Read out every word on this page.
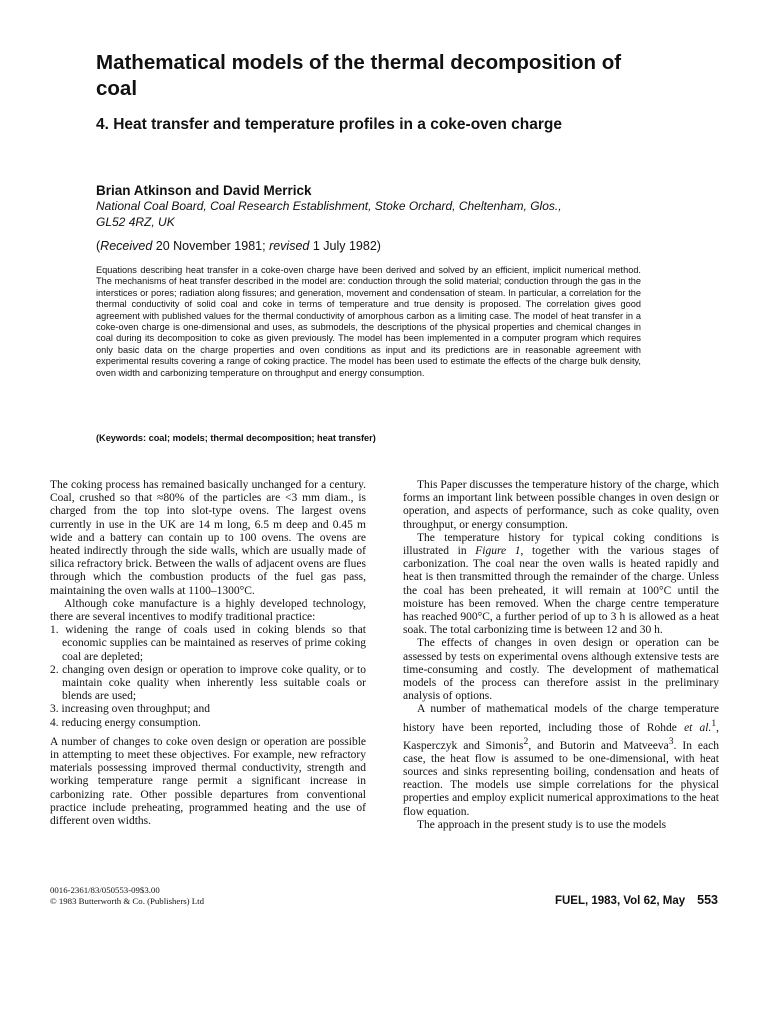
Mathematical models of the thermal decomposition of coal
4. Heat transfer and temperature profiles in a coke-oven charge
Brian Atkinson and David Merrick
National Coal Board, Coal Research Establishment, Stoke Orchard, Cheltenham, Glos.,
GL52 4RZ, UK
(Received 20 November 1981; revised 1 July 1982)

Equations describing heat transfer in a coke-oven charge have been derived and solved by an efficient, implicit numerical method. The mechanisms of heat transfer described in the model are: conduction through the solid material; conduction through the gas in the interstices or pores; radiation along fissures; and generation, movement and condensation of steam. In particular, a correlation for the thermal conductivity of solid coal and coke in terms of temperature and true density is proposed. The correlation gives good agreement with published values for the thermal conductivity of amorphous carbon as a limiting case. The model of heat transfer in a coke-oven charge is one-dimensional and uses, as submodels, the descriptions of the physical properties and chemical changes in coal during its decomposition to coke as given previously. The model has been implemented in a computer program which requires only basic data on the charge properties and oven conditions as input and its predictions are in reasonable agreement with experimental results covering a range of coking practice. The model has been used to estimate the effects of the charge bulk density, oven width and carbonizing temperature on throughput and energy consumption.

(Keywords: coal; models; thermal decomposition; heat transfer)

The coking process has remained basically unchanged for a century. Coal, crushed so that ≈80% of the particles are <3 mm diam., is charged from the top into slot-type ovens. The largest ovens currently in use in the UK are 14 m long, 6.5 m deep and 0.45 m wide and a battery can contain up to 100 ovens. The ovens are heated indirectly through the side walls, which are usually made of silica refractory brick. Between the walls of adjacent ovens are flues through which the combustion products of the fuel gas pass, maintaining the oven walls at 1100–1300°C.

Although coke manufacture is a highly developed technology, there are several incentives to modify traditional practice:

1. widening the range of coals used in coking blends so that economic supplies can be maintained as reserves of prime coking coal are depleted;
2. changing oven design or operation to improve coke quality, or to maintain coke quality when inherently less suitable coals or blends are used;
3. increasing oven throughput; and
4. reducing energy consumption.

A number of changes to coke oven design or operation are possible in attempting to meet these objectives. For example, new refractory materials possessing improved thermal conductivity, strength and working temperature range permit a significant increase in carbonizing rate. Other possible departures from conventional practice include preheating, programmed heating and the use of different oven widths.

This Paper discusses the temperature history of the charge, which forms an important link between possible changes in oven design or operation, and aspects of performance, such as coke quality, oven throughput, or energy consumption.

The temperature history for typical coking conditions is illustrated in Figure 1, together with the various stages of carbonization. The coal near the oven walls is heated rapidly and heat is then transmitted through the remainder of the charge. Unless the coal has been preheated, it will remain at 100°C until the moisture has been removed. When the charge centre temperature has reached 900°C, a further period of up to 3 h is allowed as a heat soak. The total carbonizing time is between 12 and 30 h.

The effects of changes in oven design or operation can be assessed by tests on experimental ovens although extensive tests are time-consuming and costly. The development of mathematical models of the process can therefore assist in the preliminary analysis of options.

A number of mathematical models of the charge temperature history have been reported, including those of Rohde et al.$^1$, Kasperczyk and Simonis$^2$, and Butorin and Matveeva$^3$. In each case, the heat flow is assumed to be one-dimensional, with heat sources and sinks representing boiling, condensation and heats of reaction. The models use simple correlations for the physical properties and employ explicit numerical approximations to the heat flow equation.

The approach in the present study is to use the models

0016-2361/83/050553-09$3.00
© 1983 Butterworth & Co. (Publishers) Ltd	FUEL, 1983, Vol 62, May 553
